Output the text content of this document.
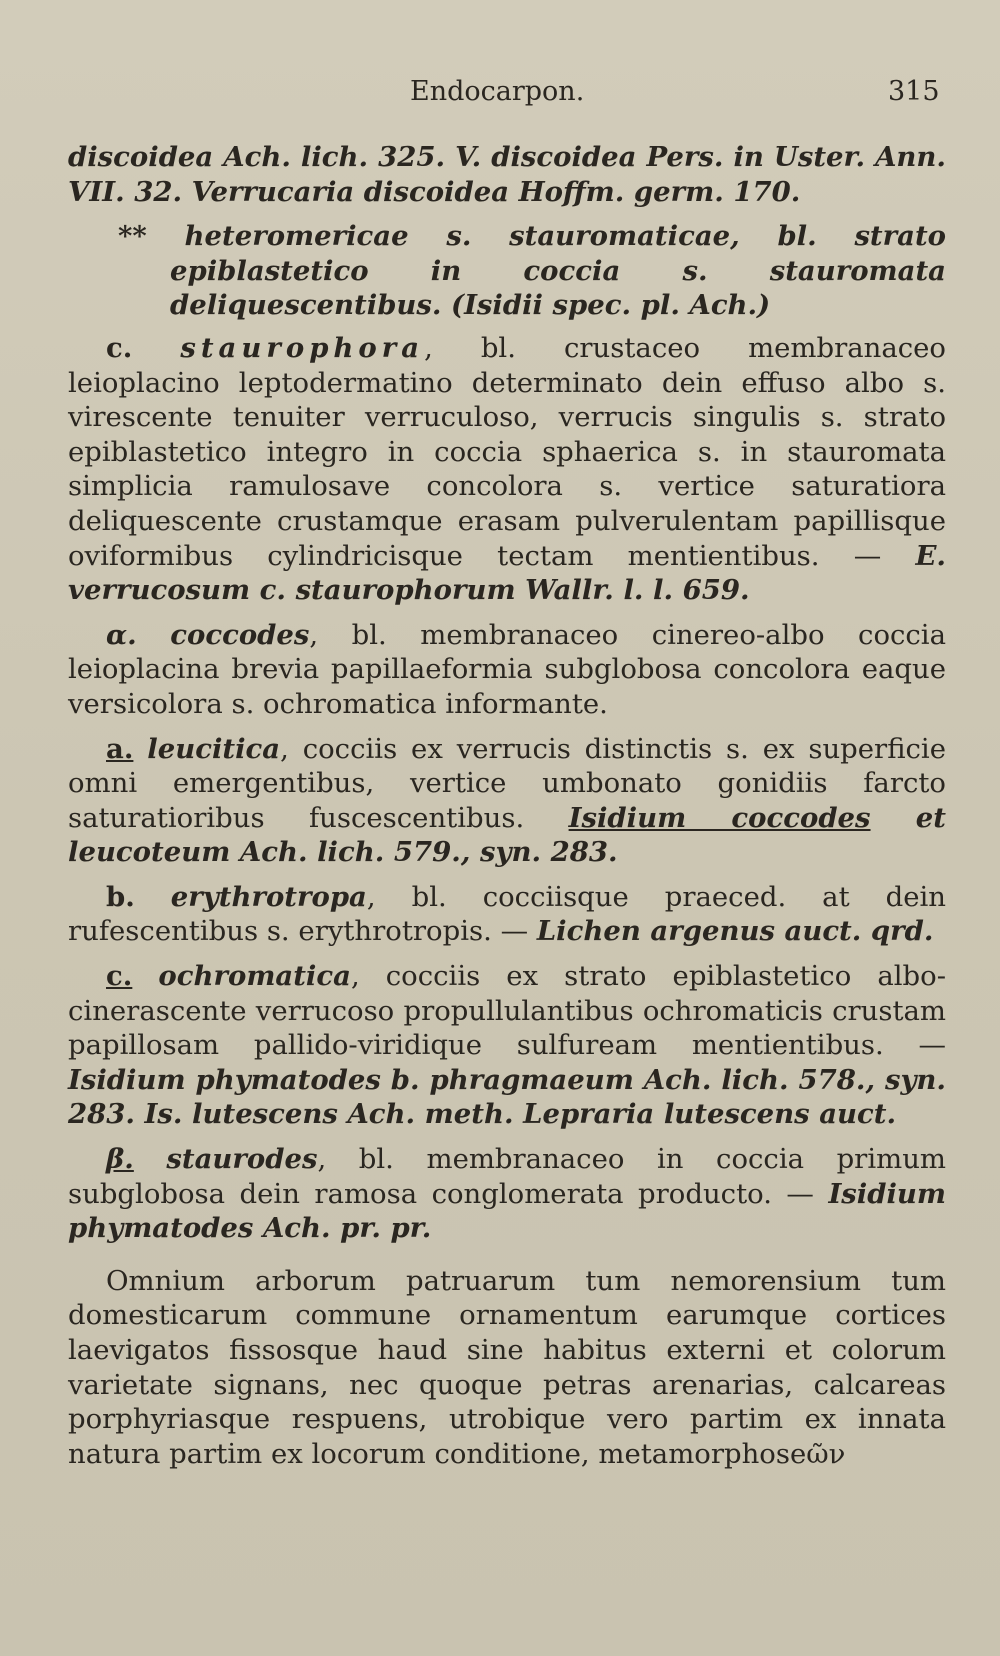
Endocarpon.	315

discoidea Ach. lich. 325. V. discoidea Pers. in Uster. Ann. VII. 32. Verrucaria discoidea Hoffm. germ. 170.

** heteromericae s. stauromaticae, bl. strato epiblastetico in coccia s. stauromata deliquescentibus. (Isidii spec. pl. Ach.)

c. staurophora, bl. crustaceo membranaceo leioplacino leptodermatino determinato dein effuso albo s. virescente tenuiter verruculoso, verrucis singulis s. strato epiblastetico integro in coccia sphaerica s. in stauromata simplicia ramulosave concolora s. vertice saturatiora deliquescente crustamque erasam pulverulentam papillisque oviformibus cylindricisque tectam mentientibus. — E. verrucosum c. staurophorum Wallr. l. l. 659.

α. coccodes, bl. membranaceo cinereo-albo coccia leioplacina brevia papillaeformia subglobosa concolora eaque versicolora s. ochromatica informante.

a. leucitica, cocciis ex verrucis distinctis s. ex superficie omni emergentibus, vertice umbonato gonidiis farcto saturatioribus fuscescentibus. Isidium coccodes et leucoteum Ach. lich. 579., syn. 283.

b. erythrotropa, bl. cocciisque praeced. at dein rufescentibus s. erythrotropis. — Lichen argenus auct. qrd.

c. ochromatica, cocciis ex strato epiblastetico albo-cinerascente verrucoso propullulantibus ochromaticis crustam papillosam pallido-viridique sulfuream mentientibus. — Isidium phymatodes b. phragmaeum Ach. lich. 578., syn. 283. Is. lutescens Ach. meth. Lepraria lutescens auct.

β. staurodes, bl. membranaceo in coccia primum subglobosa dein ramosa conglomerata producto. — Isidium phymatodes Ach. pr. pr.

Omnium arborum patruarum tum nemorensium tum domesticarum commune ornamentum earumque cortices laevigatos fissosque haud sine habitus externi et colorum varietate signans, nec quoque petras arenarias, calcareas porphyriasque respuens, utrobique vero partim ex innata natura partim ex locorum conditione, metamorphoseῶν
